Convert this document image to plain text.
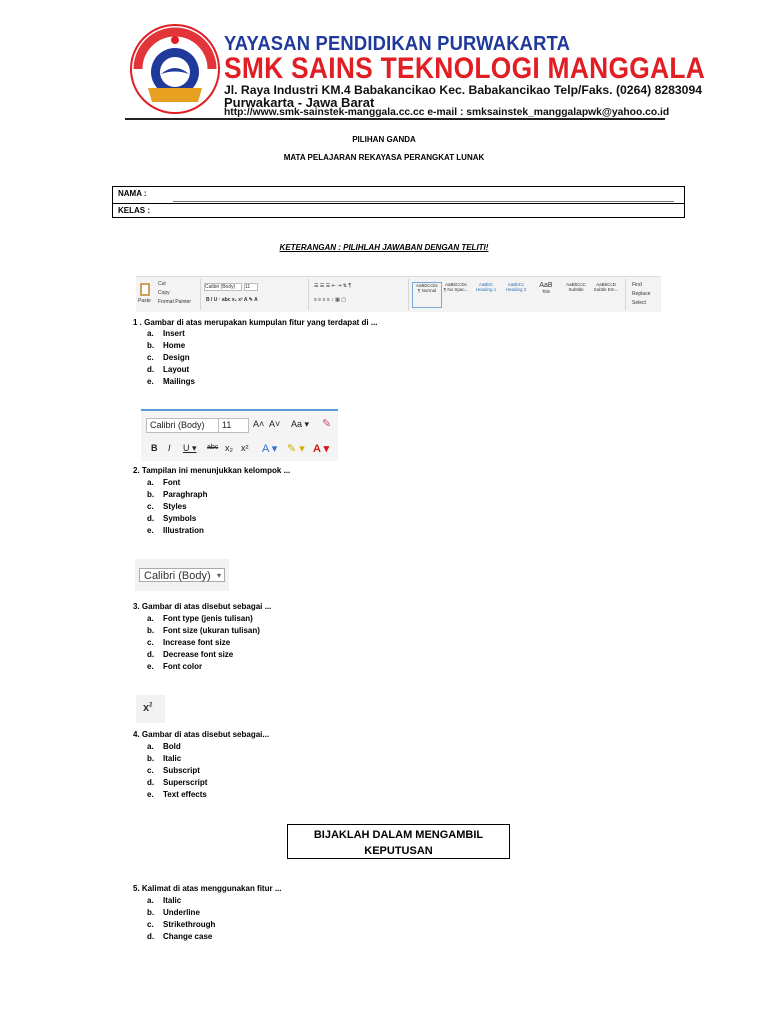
YAYASAN PENDIDIKAN PURWAKARTA
SMK SAINS TEKNOLOGI MANGGALA
Jl. Raya Industri KM.4 Babakancikao Kec. Babakancikao Telp/Faks. (0264) 8283094
Purwakarta - Jawa Barat
http://www.smk-sainstek-manggala.cc.cc e-mail : smksainstek_manggalapwk@yahoo.co.id
PILIHAN GANDA
MATA PELAJARAN REKAYASA PERANGKAT LUNAK
NAMA :
KELAS :
KETERANGAN : PILIHLAH JAWABAN DENGAN TELITI!
Paste
Cut
Copy
Format Painter
Calibri (Body)	11
B I U · abc x₂ x² A ✎ A
☰ ☰ ☰ ⇤ ⇥ ⇅ ¶
≡ ≡ ≡ ≡ ↕ ▦ ▢
AaBbCcDc
¶ Normal
AaBbCcDc
¶ No Spac...
AaBbC
Heading 1
AaBbCc
Heading 2
AaB
Title
AaBbCcC
Subtitle
AaBbCcD
Subtle Em...
Find
Replace
Select
1 . Gambar di atas merupakan kumpulan fitur yang terdapat di ...
a. Insert
b. Home
c. Design
d. Layout
e. Mailings
Calibri (Body)	11	A˄ A˅ Aa ▾ ✎
B I U ▾ abc x₂ x² A ▾ ✎ ▾ A ▾
2. Tampilan ini menunjukkan kelompok ...
a. Font
b. Paraghraph
c. Styles
d. Symbols
e. Illustration
Calibri (Body) ▾
3. Gambar di atas disebut sebagai ...
a. Font type (jenis tulisan)
b. Font size (ukuran tulisan)
c. Increase font size
d. Decrease font size
e. Font color
$x^2$
4. Gambar di atas disebut sebagai...
a. Bold
b. Italic
c. Subscript
d. Superscript
e. Text effects
BIJAKLAH DALAM MENGAMBIL
KEPUTUSAN
5. Kalimat di atas menggunakan fitur ...
a. Italic
b. Underline
c. Strikethrough
d. Change case
